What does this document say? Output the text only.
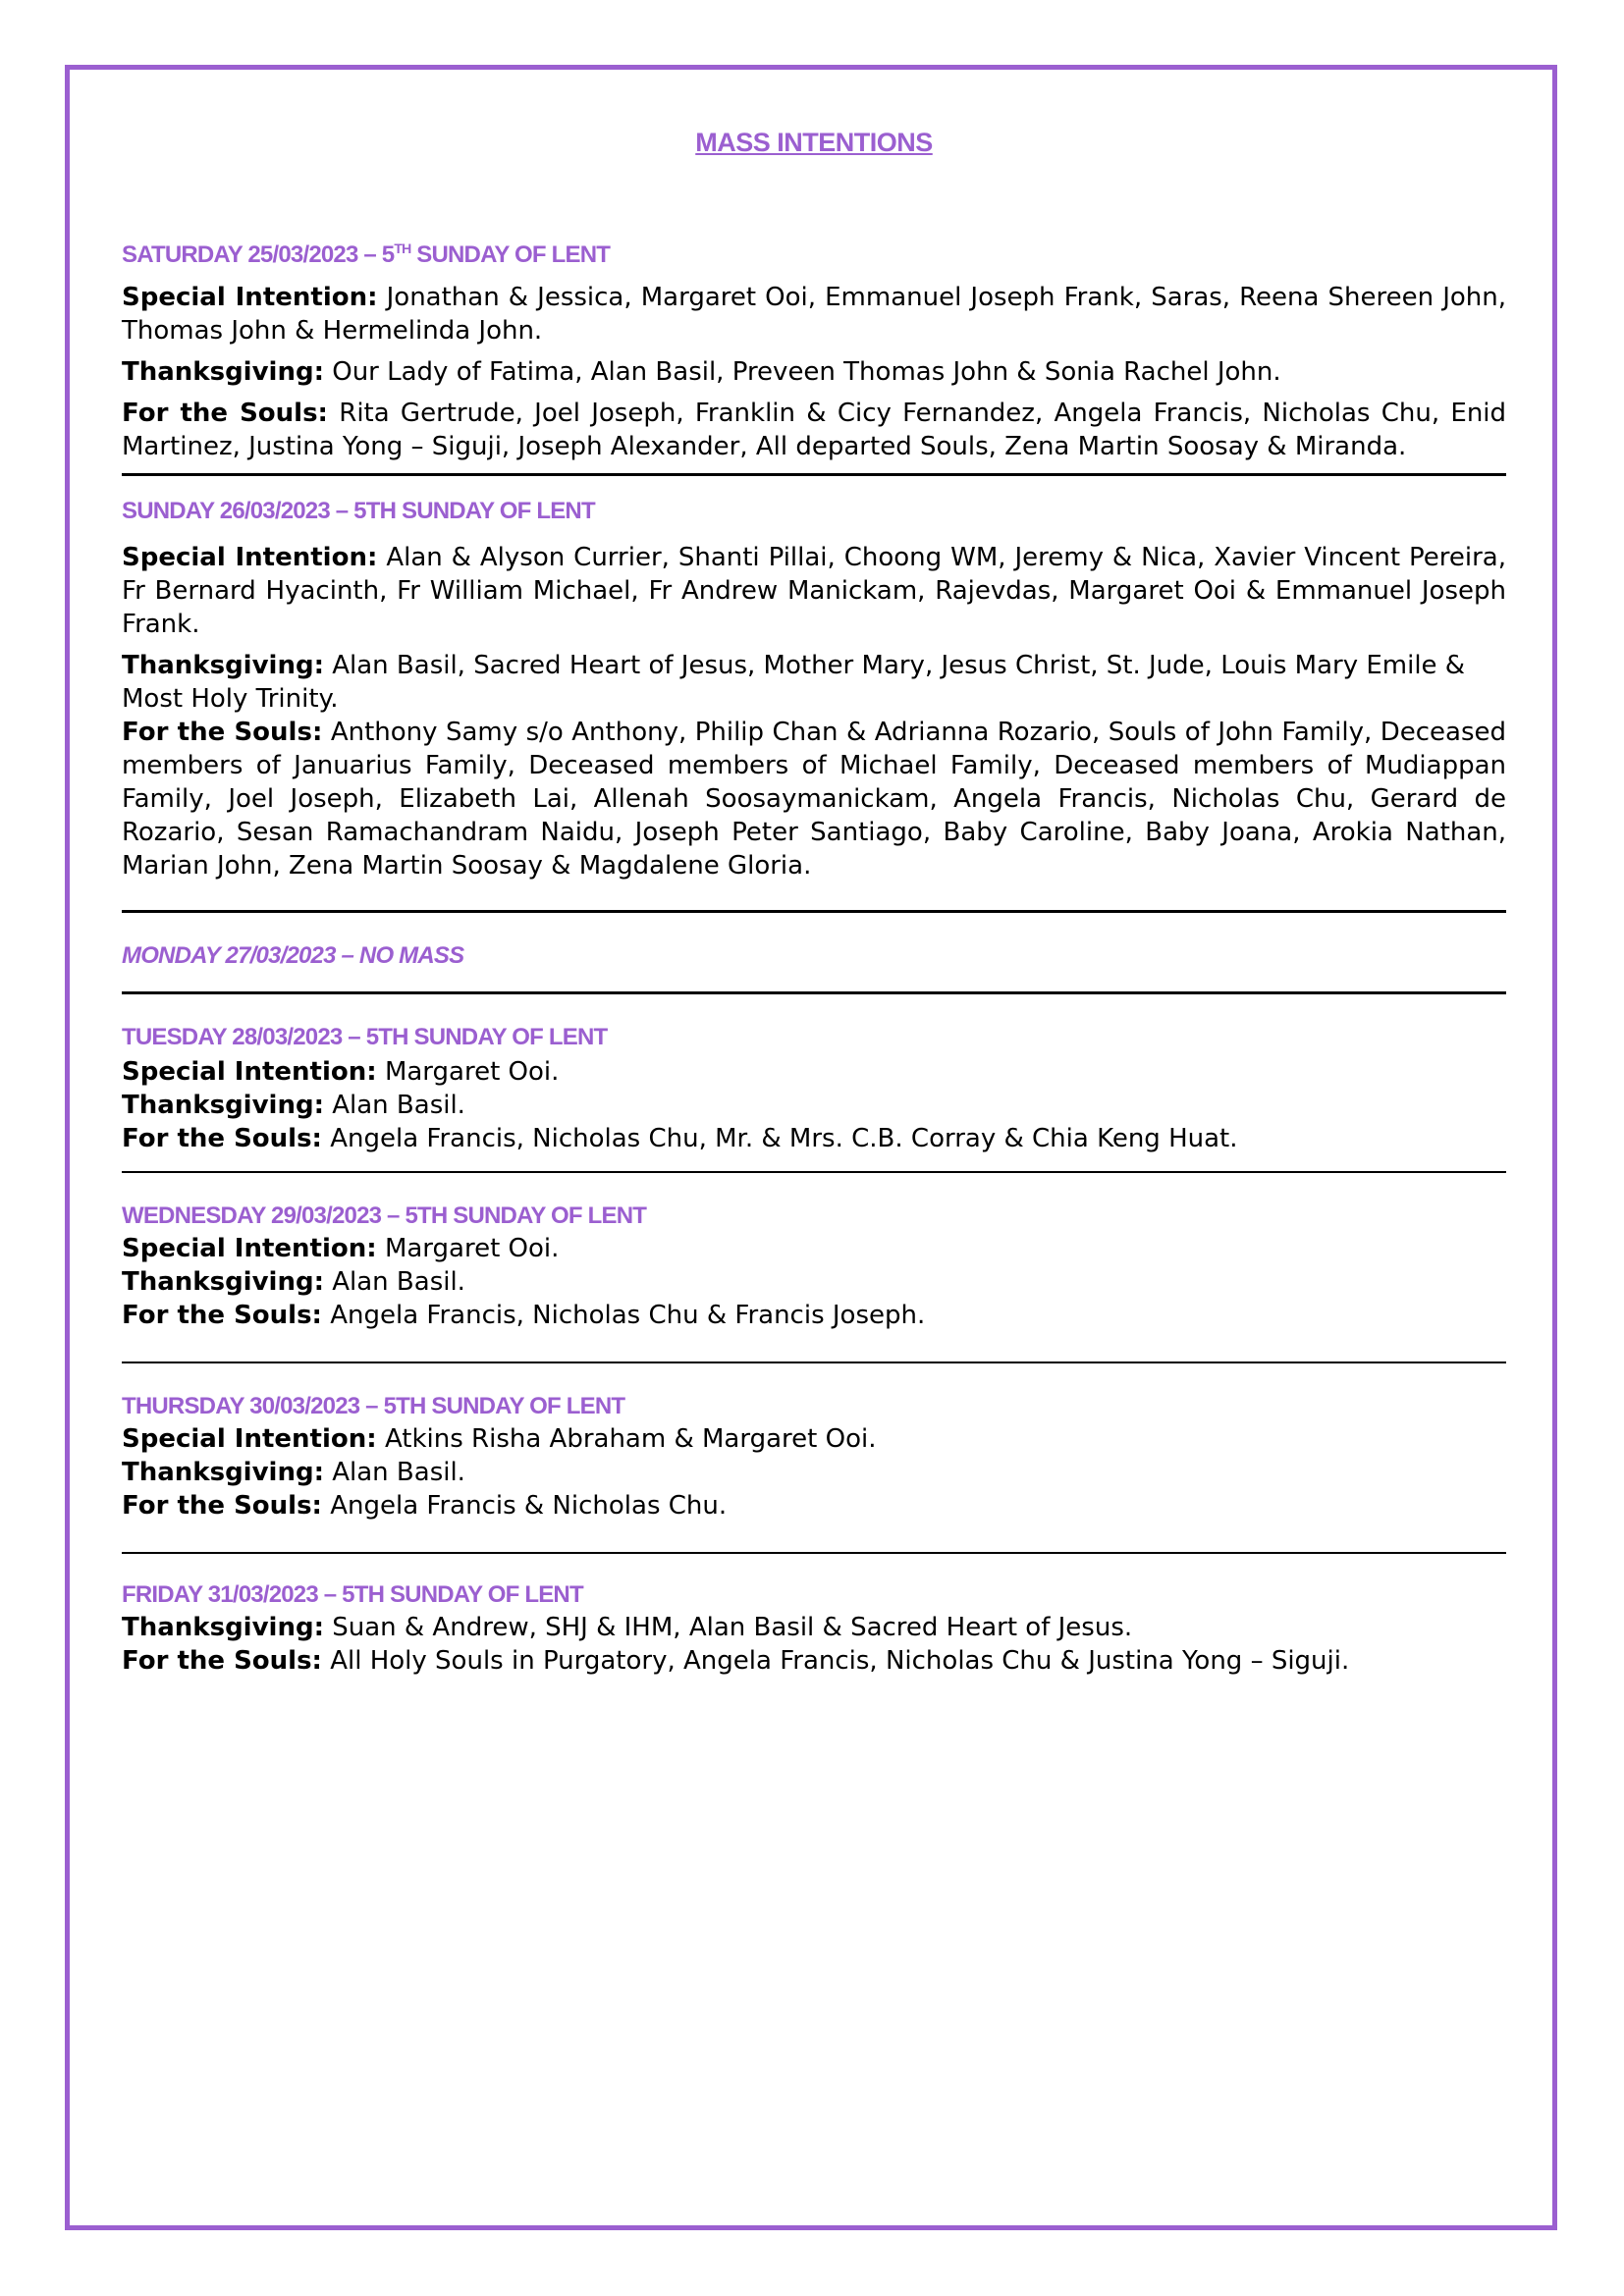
MASS INTENTIONS
SATURDAY 25/03/2023 – 5TH SUNDAY OF LENT

Special Intention: Jonathan & Jessica, Margaret Ooi, Emmanuel Joseph Frank, Saras, Reena Shereen John, Thomas John & Hermelinda John.

Thanksgiving: Our Lady of Fatima, Alan Basil, Preveen Thomas John & Sonia Rachel John.

For the Souls: Rita Gertrude, Joel Joseph, Franklin & Cicy Fernandez, Angela Francis, Nicholas Chu, Enid Martinez, Justina Yong – Siguji, Joseph Alexander, All departed Souls, Zena Martin Soosay & Miranda.

SUNDAY 26/03/2023 – 5TH SUNDAY OF LENT

Special Intention: Alan & Alyson Currier, Shanti Pillai, Choong WM, Jeremy & Nica, Xavier Vincent Pereira, Fr Bernard Hyacinth, Fr William Michael, Fr Andrew Manickam, Rajevdas, Margaret Ooi & Emmanuel Joseph Frank.

Thanksgiving: Alan Basil, Sacred Heart of Jesus, Mother Mary, Jesus Christ, St. Jude, Louis Mary Emile & Most Holy Trinity.

For the Souls: Anthony Samy s/o Anthony, Philip Chan & Adrianna Rozario, Souls of John Family, Deceased members of Januarius Family, Deceased members of Michael Family, Deceased members of Mudiappan Family, Joel Joseph, Elizabeth Lai, Allenah Soosaymanickam, Angela Francis, Nicholas Chu, Gerard de Rozario, Sesan Ramachandram Naidu, Joseph Peter Santiago, Baby Caroline, Baby Joana, Arokia Nathan, Marian John, Zena Martin Soosay & Magdalene Gloria.

MONDAY 27/03/2023 – NO MASS
TUESDAY 28/03/2023 – 5TH SUNDAY OF LENT

Special Intention: Margaret Ooi.

Thanksgiving: Alan Basil.

For the Souls: Angela Francis, Nicholas Chu, Mr. & Mrs. C.B. Corray & Chia Keng Huat.

WEDNESDAY 29/03/2023 – 5TH SUNDAY OF LENT

Special Intention: Margaret Ooi.

Thanksgiving: Alan Basil.

For the Souls: Angela Francis, Nicholas Chu & Francis Joseph.

THURSDAY 30/03/2023 – 5TH SUNDAY OF LENT

Special Intention: Atkins Risha Abraham & Margaret Ooi.

Thanksgiving: Alan Basil.

For the Souls: Angela Francis & Nicholas Chu.

FRIDAY 31/03/2023 – 5TH SUNDAY OF LENT

Thanksgiving: Suan & Andrew, SHJ & IHM, Alan Basil & Sacred Heart of Jesus.

For the Souls: All Holy Souls in Purgatory, Angela Francis, Nicholas Chu & Justina Yong – Siguji.
